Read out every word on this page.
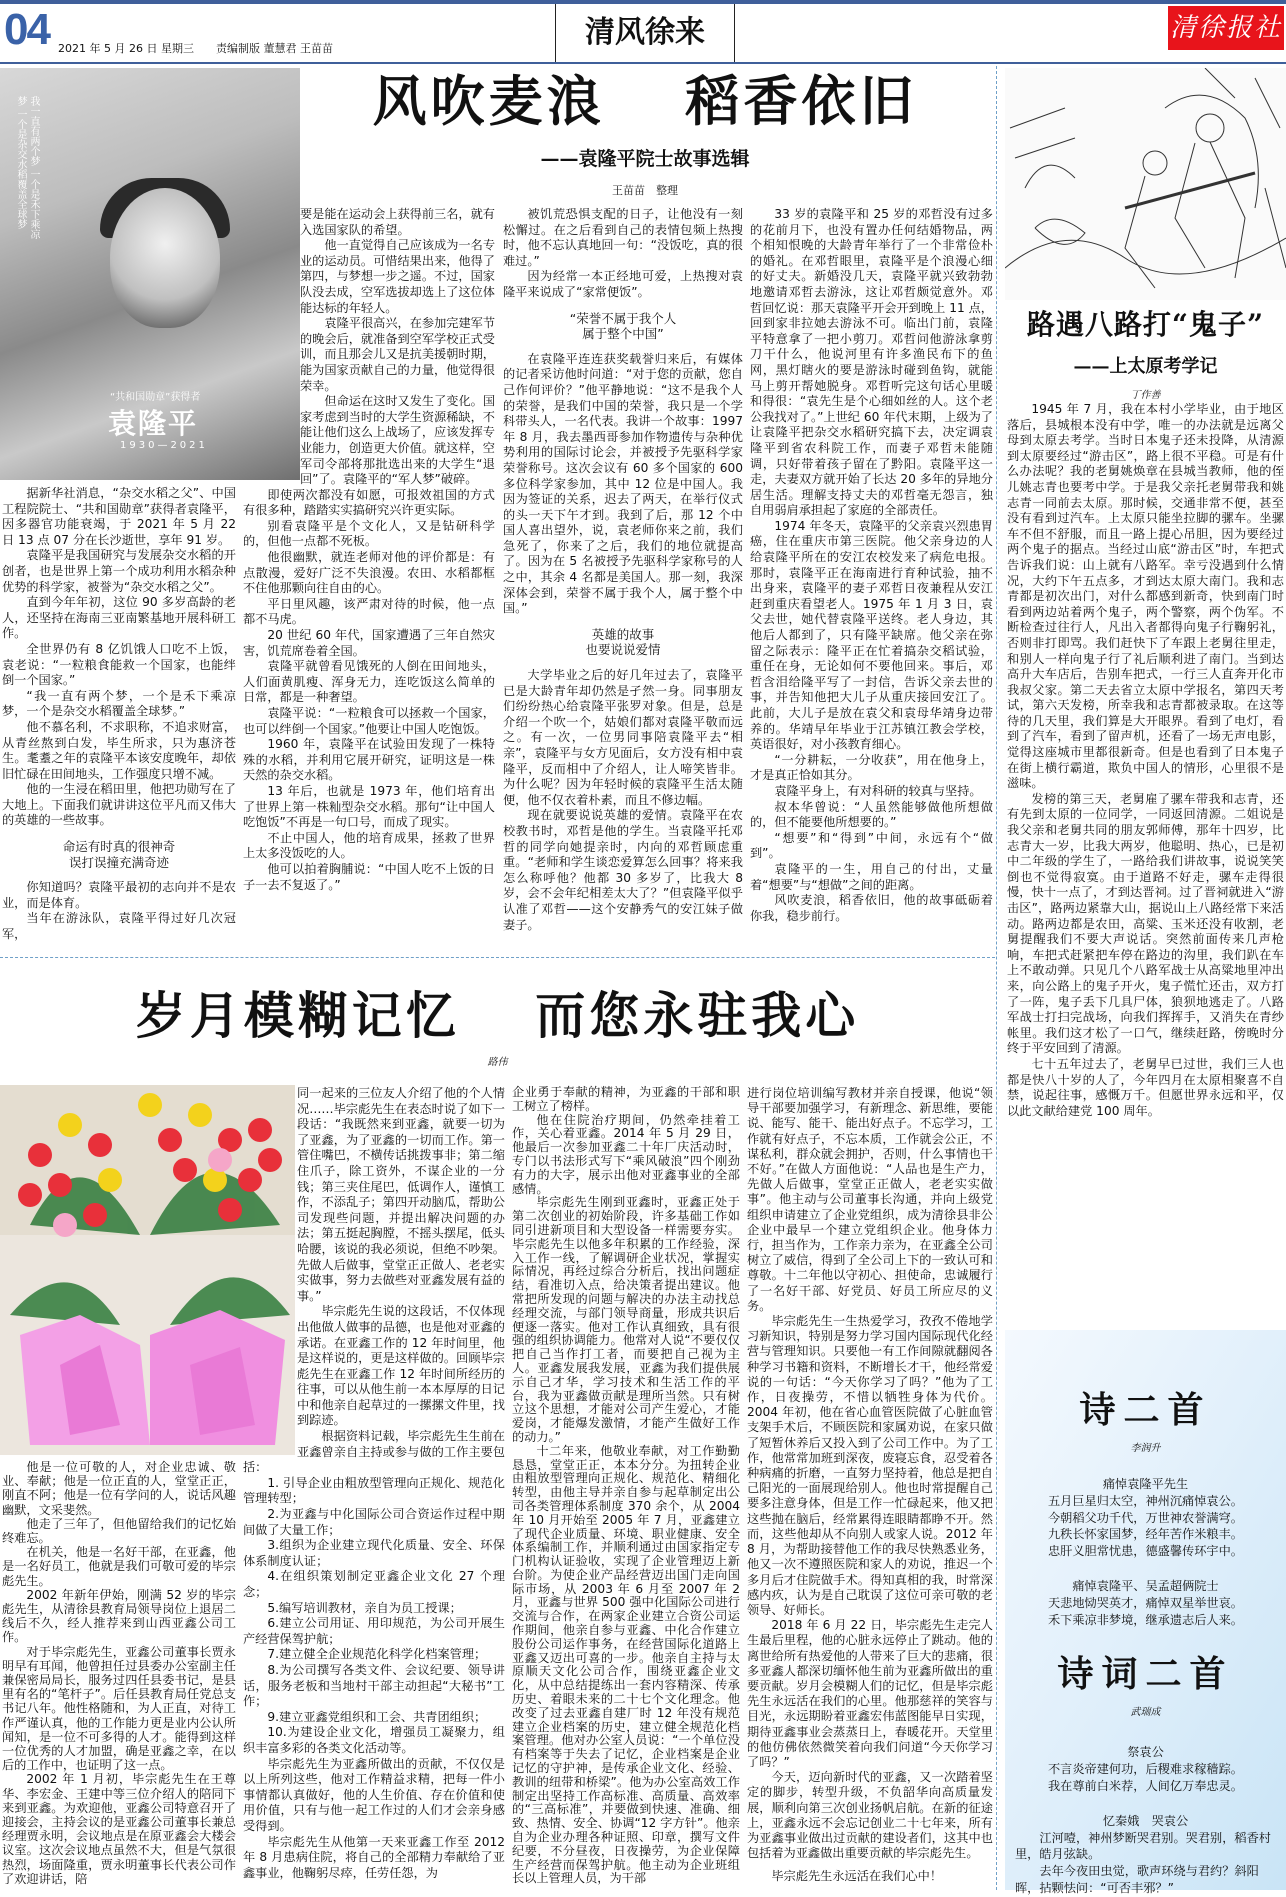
04 2021 年 5 月 26 日 星期三 责编制版 董慧君 王苗苗	清风徐来	清徐报社
我一直有两个梦 一个是禾下乘凉梦 一个是杂交水稻覆盖全球梦
“共和国勋章”获得者
袁隆平
1930—2021
风吹麦浪　 稻香依旧
——袁隆平院士故事选辑
王苗苗　整理

据新华社消息，“杂交水稻之父”、中国工程院院士、“共和国勋章”获得者袁隆平，因多器官功能衰竭，于 2021 年 5 月 22 日 13 点 07 分在长沙逝世，享年 91 岁。

袁隆平是我国研究与发展杂交水稻的开创者，也是世界上第一个成功利用水稻杂种优势的科学家，被誉为“杂交水稻之父”。

直到今年年初，这位 90 多岁高龄的老人，还坚持在海南三亚南繁基地开展科研工作。

全世界仍有 8 亿饥饿人口吃不上饭，袁老说：“一粒粮食能救一个国家，也能绊倒一个国家。”

“我一直有两个梦，一个是禾下乘凉梦，一个是杂交水稻覆盖全球梦。”

他不慕名利，不求职称，不追求财富，从青丝熬到白发，毕生所求，只为惠济苍生。耄耋之年的袁隆平本该安度晚年，却依旧忙碌在田间地头，工作强度只增不减。

他的一生浸在稻田里，他把功勋写在了大地上。下面我们就讲讲这位平凡而又伟大的英雄的一些故事。

命运有时真的很神奇
误打误撞充满奇迹

你知道吗？袁隆平最初的志向并不是农业，而是体育。

当年在游泳队，袁隆平得过好几次冠军，

要是能在运动会上获得前三名，就有入选国家队的希望。

他一直觉得自己应该成为一名专业的运动员。可惜结果出来，他得了第四，与梦想一步之遥。不过，国家队没去成，空军选拔却选上了这位体能达标的年轻人。

袁隆平很高兴，在参加完建军节的晚会后，就准备到空军学校正式受训，而且那会儿又是抗美援朝时期，能为国家贡献自己的力量，他觉得很荣幸。

但命运在这时又发生了变化。国家考虑到当时的大学生资源稀缺，不能让他们这么上战场了，应该发挥专业能力，创造更大价值。就这样，空军司令部将那批选出来的大学生“退回”了。袁隆平的“军人梦”破碎。

即使两次都没有如愿，可报效祖国的方式有很多种，踏踏实实搞研究兴许更实际。

别看袁隆平是个文化人，又是钻研科学的，但他一点都不死板。

他很幽默，就连老师对他的评价都是：有点散漫，爱好广泛不失浪漫。农田、水稻都框不住他那颗向往自由的心。

平日里风趣，该严肃对待的时候，他一点都不马虎。

20 世纪 60 年代，国家遭遇了三年自然灾害，饥荒席卷着全国。

袁隆平就曾看见饿死的人倒在田间地头，人们面黄肌瘦、浑身无力，连吃饭这么简单的日常，都是一种奢望。

袁隆平说：“一粒粮食可以拯救一个国家，也可以绊倒一个国家。”他要让中国人吃饱饭。

1960 年，袁隆平在试验田发现了一株特殊的水稻，并利用它展开研究，证明这是一株天然的杂交水稻。

13 年后，也就是 1973 年，他们培育出了世界上第一株籼型杂交水稻。那句“让中国人吃饱饭”不再是一句口号，而成了现实。

不止中国人，他的培育成果，拯救了世界上太多没饭吃的人。

他可以拍着胸脯说：“中国人吃不上饭的日子一去不复返了。”

被饥荒恐惧支配的日子，让他没有一刻松懈过。在之后看到自己的表情包频上热搜时，他不忘认真地回一句：“没饭吃，真的很难过。”

因为经常一本正经地可爱，上热搜对袁隆平来说成了“家常便饭”。

“荣誉不属于我个人
属于整个中国”

在袁隆平连连获奖载誉归来后，有媒体的记者采访他时问道：“对于您的贡献，您自己作何评价？”他平静地说：“这不是我个人的荣誉，是我们中国的荣誉，我只是一个学科带头人，一名代表。我讲一个故事：1997 年 8 月，我去墨西哥参加作物遗传与杂种优势利用的国际讨论会，并被授予先驱科学家荣誉称号。这次会议有 60 多个国家的 600 多位科学家参加，其中 12 位是中国人。我因为签证的关系，迟去了两天，在举行仪式的头一天下午才到。我到了后，那 12 个中国人喜出望外，说，袁老师你来之前，我们急死了，你来了之后，我们的地位就提高了。因为在 5 名被授予先驱科学家称号的人之中，其余 4 名都是美国人。那一刻，我深深体会到，荣誉不属于我个人，属于整个中国。”

英雄的故事
也要说说爱情

大学毕业之后的好几年过去了，袁隆平已是大龄青年却仍然是孑然一身。同事朋友们纷纷热心给袁隆平张罗对象。但是，总是介绍一个吹一个，姑娘们都对袁隆平敬而远之。有一次，一位男同事陪袁隆平去“相亲”，袁隆平与女方见面后，女方没有相中袁隆平，反而相中了介绍人，让人啼笑皆非。为什么呢？因为年轻时候的袁隆平生活太随便，他不仅衣着朴素，而且不修边幅。

现在就要说说英雄的爱情。袁隆平在农校教书时，邓哲是他的学生。当袁隆平托邓哲的同学向她提亲时，内向的邓哲顾虑重重。“老师和学生谈恋爱算怎么回事？将来我怎么称呼他？他都 30 多岁了，比我大 8 岁，会不会年纪相差太大了？”但袁隆平似乎认准了邓哲——这个安静秀气的安江妹子做妻子。

33 岁的袁隆平和 25 岁的邓哲没有过多的花前月下，也没有置办任何结婚物品，两个相知恨晚的大龄青年举行了一个非常俭朴的婚礼。在邓哲眼里，袁隆平是个浪漫心细的好丈夫。新婚没几天，袁隆平就兴致勃勃地邀请邓哲去游泳，这让邓哲颇觉意外。邓哲回忆说：那天袁隆平开会开到晚上 11 点，回到家非拉她去游泳不可。临出门前，袁隆平特意拿了一把小剪刀。邓哲问他游泳拿剪刀干什么，他说河里有许多渔民布下的鱼网，黑灯瞎火的要是游泳时碰到鱼钩，就能马上剪开帮她脱身。邓哲听完这句话心里暖和得很：“袁先生是个心细如丝的人。这个老公我找对了。”上世纪 60 年代末期，上级为了让袁隆平把杂交水稻研究搞下去，决定调袁隆平到省农科院工作，而妻子邓哲未能随调，只好带着孩子留在了黔阳。袁隆平这一走，夫妻双方就开始了长达 20 多年的异地分居生活。理解支持丈夫的邓哲毫无怨言，独自用弱肩承担起了家庭的全部责任。

1974 年冬天，袁隆平的父亲袁兴烈患胃癌，住在重庆市第三医院。他父亲身边的人给袁隆平所在的安江农校发来了病危电报。那时，袁隆平正在海南进行育种试验，抽不出身来，袁隆平的妻子邓哲日夜兼程从安江赶到重庆看望老人。1975 年 1 月 3 日，袁父去世，她代替袁隆平送终。老人身边，其他后人都到了，只有隆平缺席。他父亲在弥留之际表示：隆平正在忙着搞杂交稻试验，重任在身，无论如何不要他回来。事后，邓哲含泪给隆平写了一封信，告诉父亲去世的事，并告知他把大儿子从重庆接回安江了。此前，大儿子是放在袁父和袁母华靖身边带养的。华靖早年毕业于江苏镇江教会学校，英语很好，对小孩教育细心。

“一分耕耘，一分收获”，用在他身上，才是真正恰如其分。

袁隆平身上，有对科研的较真与坚持。

叔本华曾说：“人虽然能够做他所想做的，但不能要他所想要的。”

“想要”和“得到”中间，永远有个“做到”。

袁隆平的一生，用自己的付出，丈量着“想要”与“想做”之间的距离。

风吹麦浪，稻香依旧，他的故事砥砺着你我，稳步前行。

岁月模糊记忆　 而您永驻我心
路伟

他是一位可敬的人，对企业忠诚、敬业、奉献；他是一位正直的人，堂堂正正，刚直不阿；他是一位有学问的人，说话风趣幽默，文采斐然。

他走了三年了，但他留给我们的记忆始终难忘。

在机关，他是一名好干部，在亚鑫，他是一名好员工，他就是我们可敬可爱的毕宗彪先生。

2002 年新年伊始，刚满 52 岁的毕宗彪先生，从清徐县教育局领导岗位上退居二线后不久，经人推荐来到山西亚鑫公司工作。

对于毕宗彪先生，亚鑫公司董事长贾永明早有耳闻，他曾担任过县委办公室副主任兼保密局局长，服务过四任县委书记，是县里有名的“笔杆子”。后任县教育局任党总支书记八年。他性格随和，为人正直，对待工作严谨认真，他的工作能力更是业内公认所闻知，是一位不可多得的人才。能得到这样一位优秀的人才加盟，确是亚鑫之幸，在以后的工作中，也证明了这一点。

2002 年 1 月初，毕宗彪先生在王尊华、李宏金、王建中等三位介绍人的陪同下来到亚鑫。为欢迎他，亚鑫公司特意召开了迎接会，主持会议的是亚鑫公司董事长兼总经理贾永明，会议地点是在原亚鑫会大楼会议室。这次会议地点虽然不大，但是气氛很热烈，场面隆重，贾永明董事长代表公司作了欢迎讲话，陪

同一起来的三位友人介绍了他的个人情况……毕宗彪先生在表态时说了如下一段话：“我既然来到亚鑫，就要一切为了亚鑫，为了亚鑫的一切而工作。第一管住嘴巴，不横传话挑拨事非；第二缩住爪子，除工资外，不谋企业的一分钱；第三夹住尾巴，低调作人，谨慎工作，不添乱子；第四开动脑瓜，帮助公司发现些问题，并提出解决问题的办法；第五挺起胸膛，不摇头摆尾，低头哈腰，该说的我必须说，但绝不吵架。先做人后做事，堂堂正正做人、老老实实做事，努力去做些对亚鑫发展有益的事。”

毕宗彪先生说的这段话，不仅体现出他做人做事的品德，也是他对亚鑫的承诺。在亚鑫工作的 12 年时间里，他是这样说的，更是这样做的。回顾毕宗彪先生在亚鑫工作 12 年时间所经历的往事，可以从他生前一本本厚厚的日记中和他亲自起草过的一摞摞文件里，找到踪迹。

根据资料记载，毕宗彪先生生前在亚鑫曾亲自主持或参与做的工作主要包括：

1. 引导企业由粗放型管理向正规化、规范化管理转型；

2.为亚鑫与中化国际公司合资运作过程中期间做了大量工作；

3.组织为企业建立现代化质量、安全、环保体系制度认证；

4.在组织策划制定亚鑫企业文化 27 个理念；

5.编写培训教材，亲自为员工授课；

6.建立公司用证、用印规范，为公司开展生产经营保驾护航；

7.建立健全企业规范化科学化档案管理；

8.为公司撰写各类文件、会议纪要、领导讲话，服务老板和当地村干部主动担起“大秘书”工作；

9.建立亚鑫党组织和工会、共青团组织；

10.为建设企业文化，增强员工凝聚力，组织丰富多彩的各类文化活动等。

毕宗彪先生为亚鑫所做出的贡献，不仅仅是以上所列这些，他对工作精益求精，把每一件小事情都认真做好，他的人生价值、存在价值和使用价值，只有与他一起工作过的人们才会亲身感受得到。

毕宗彪先生从他第一天来亚鑫工作至 2012 年 8 月患病住院，将自己的全部精力奉献给了亚鑫事业，他鞠躬尽瘁，任劳任怨，为

企业勇于奉献的精神，为亚鑫的干部和职工树立了榜样。

他在住院治疗期间，仍然牵挂着工作，关心着亚鑫。2014 年 5 月 29 日，他最后一次参加亚鑫二十年厂庆活动时，专门以书法形式写下“乘风破浪”四个刚劲有力的大字，展示出他对亚鑫事业的全部感情。

毕宗彪先生刚到亚鑫时，亚鑫正处于第二次创业的初始阶段，许多基础工作如同引进新项目和大型设备一样需要夯实。毕宗彪先生以他多年积累的工作经验，深入工作一线，了解调研企业状况，掌握实际情况，再经过综合分析后，找出问题症结，看准切入点，给决策者提出建议。他常把所发现的问题与解决的办法主动找总经理交流，与部门领导商量，形成共识后便逐一落实。他对工作认真细致，具有很强的组织协调能力。他常对人说“不要仅仅把自己当作打工者，而要把自己视为主人。亚鑫发展我发展，亚鑫为我们提供展示自己才华，学习技术和生活工作的平台，我为亚鑫做贡献是理所当然。只有树立这个思想，才能对公司产生爱心，才能爱岗，才能爆发激情，才能产生做好工作的动力。”

十二年来，他敬业奉献，对工作勤勤恳恳，堂堂正正，本本分分。为扭转企业由粗放型管理向正规化、规范化、精细化转型，由他主导并亲自参与起草制定出公司各类管理体系制度 370 余个，从 2004 年 10 月开始至 2005 年 7 月，亚鑫建立了现代企业质量、环境、职业健康、安全体系编制工作，并顺利通过由国家指定专门机构认证验收，实现了企业管理迈上新台阶。为使企业产品经营迈出国门走向国际市场，从 2003 年 6 月至 2007 年 2 月，亚鑫与世界 500 强中化国际公司进行交流与合作，在两家企业建立合资公司运作期间，他亲自参与亚鑫、中化合作建立股份公司运作事务，在经营国际化道路上亚鑫又迈出可喜的一步。他亲自主持与太原顺天文化公司合作，围绕亚鑫企业文化，从中总结提练出一套内容精深、传承历史、着眼未来的二十七个文化理念。他改变了过去亚鑫自建厂时 12 年没有规范建立企业档案的历史，建立健全规范化档案管理。他对办公室人员说：“一个单位没有档案等于失去了记忆，企业档案是企业记忆的守护神，是传承企业文化、经验、教训的纽带和桥梁”。他为办公室高效工作制定出坚持工作高标准、高质量、高效率的“三高标准”，并要做到快速、准确、细致、热情、安全、协调“12 字方针”。他亲自为企业办理各种证照、印章，撰写文件纪要，不分昼夜，日夜操劳，为企业保障生产经营而保驾护航。他主动为企业班组长以上管理人员，为干部

进行岗位培训编写教材并亲自授课，他说“领导干部要加强学习，有新理念、新思维，要能说、能写、能干、能出好点子。不忘学习，工作就有好点子，不忘本质，工作就会公正，不谋私利，群众就会拥护，否则，什么事情也干不好。”在做人方面他说：“人品也是生产力，先做人后做事，堂堂正正做人，老老实实做事”。他主动与公司董事长沟通，并向上级党组织申请建立了企业党组织，成为清徐县非公企业中最早一个建立党组织企业。他身体力行，担当作为，工作亲力亲为，在亚鑫全公司树立了威信，得到了全公司上下的一致认可和尊敬。十二年他以守初心、担使命，忠诚履行了一名好干部、好党员、好员工所应尽的义务。

毕宗彪先生一生热爱学习，孜孜不倦地学习新知识，特别是努力学习国内国际现代化经营与管理知识。只要他一有工作间隙就翻阅各种学习书籍和资料，不断增长才干，他经常爱说的一句话：“今天你学习了吗？”他为了工作，日夜操劳，不惜以牺牲身体为代价。2004 年初，他在省心血管医院做了心脏血管支架手术后，不顾医院和家属劝说，在家只做了短暂休养后又投入到了公司工作中。为了工作，他常常加班到深夜，废寝忘食，忍受着各种病痛的折磨，一直努力坚持着，他总是把自己阳光的一面展现给别人。他也时常提醒自己要多注意身体，但是工作一忙碌起来，他又把这些抛在脑后，经常累得连眼睛都睁不开。然而，这些他却从不向别人或家人说。2012 年 8 月，为帮助接替他工作的我尽快熟悉业务，他又一次不遵照医院和家人的劝说，推迟一个多月后才住院做手术。得知真相的我，时常深感内疚，认为是自己耽误了这位可亲可敬的老领导、好师长。

2018 年 6 月 22 日，毕宗彪先生走完人生最后里程，他的心脏永远停止了跳动。他的离世给所有热爱他的人带来了巨大的悲痛，很多亚鑫人都深切缅怀他生前为亚鑫所做出的重要贡献。岁月会模糊人们的记忆，但是毕宗彪先生永远活在我们的心里。他那慈祥的笑容与目光，永远期盼着亚鑫宏伟蓝图能早日实现，期待亚鑫事业会蒸蒸日上，春暖花开。天堂里的他仿佛依然微笑着向我们问道“今天你学习了吗？”

今天，迈向新时代的亚鑫，又一次踏着坚定的脚步，转型升级，不负韶华向高质量发展，顺利向第三次创业扬帆启航。在新的征途上，亚鑫永远不会忘记创业二十七年来，所有为亚鑫事业做出过贡献的建设者们，这其中也包括着为亚鑫做出重要贡献的毕宗彪先生。

毕宗彪先生永远活在我们心中！

路遇八路打“鬼子”
——上太原考学记
丁作善

1945 年 7 月，我在本村小学毕业，由于地区落后，县城根本没有中学，唯一的办法就是远离父母到太原去考学。当时日本鬼子还未投降，从清源到太原要经过“游击区”，路上很不平稳。可是有什么办法呢？我的老舅姚焕章在县城当教师，他的侄儿姚志青也要考中学。于是我父亲托老舅带我和姚志青一同前去太原。那时候，交通非常不便，甚至没有看到过汽车。上太原只能坐拉脚的骡车。坐骡车不但不舒服，而且一路上提心吊胆，因为要经过两个鬼子的据点。当经过山底“游击区”时，车把式告诉我们说：山上就有八路军。幸亏没遇到什么情况，大约下午五点多，才到达太原大南门。我和志青都是初次出门，对什么都感到新奇，快到南门时看到两边站着两个鬼子，两个警察，两个伪军。不断检查过往行人，凡出入者都得向鬼子行鞠躬礼，否则非打即骂。我们赶快下了车跟上老舅往里走，和别人一样向鬼子行了礼后顺利进了南门。当到达高升大车店后，告别车把式，一行三人直奔开化市我叔父家。第二天去省立太原中学报名，第四天考试，第六天发榜，所幸我和志青都被录取。在这等待的几天里，我们算是大开眼界。看到了电灯，看到了汽车，看到了留声机，还看了一场无声电影，觉得这座城市里都很新奇。但是也看到了日本鬼子在街上横行霸道，欺负中国人的情形，心里很不是滋味。

发榜的第三天，老舅雇了骡车带我和志青，还有先到太原的一位同学，一同返回清源。二姐说是我父亲和老舅共同的朋友郭师傅，那年十四岁，比志青大一岁，比我大两岁，他聪明、热心，已是初中二年级的学生了，一路给我们讲故事，说说笑笑倒也不觉得寂寞。由于道路不好走，骡车走得很慢，快十一点了，才到达晋祠。过了晋祠就进入“游击区”，路两边紧靠大山，据说山上八路经常下来活动。路两边都是农田，高粱、玉米还没有收割，老舅提醒我们不要大声说话。突然前面传来几声枪响，车把式赶紧把车停在路边的沟里，我们趴在车上不敢动弹。只见几个八路军战士从高粱地里冲出来，向公路上的鬼子开火，鬼子慌忙还击，双方打了一阵，鬼子丢下几具尸体，狼狈地逃走了。八路军战士打扫完战场，向我们挥挥手，又消失在青纱帐里。我们这才松了一口气，继续赶路，傍晚时分终于平安回到了清源。

七十五年过去了，老舅早已过世，我们三人也都是快八十岁的人了，今年四月在太原相聚喜不自禁，说起往事，感慨万千。但愿世界永远和平，仅以此文献给建党 100 周年。

诗二首
李润升
痛悼袁隆平先生
五月巨星归太空，神州沉痛悼袁公。
今朝稻父功千代，万世神农誉满穹。
九秩长怀家国梦，经年苦作米粮丰。
忠肝义胆常忧患，德盛馨传环宇中。
痛悼袁隆平、吴孟超俩院士
天悲地恸哭英才，痛悼双星举世哀。
禾下乘凉非梦境，继承遗志后人来。
诗词二首
武瑞成
祭袁公
不言炎帝建何功，后稷难求稼穑踪。
我在尊前白米荐，人间亿万奉忠灵。
忆秦娥　哭袁公
江河噎，神州梦断哭君别。哭君别，稻香村里，皓月弦缺。
去年今夜田虫觉，歌声环绕与君约？斜阳晖，拈颗怯问：“可否丰邪？”
